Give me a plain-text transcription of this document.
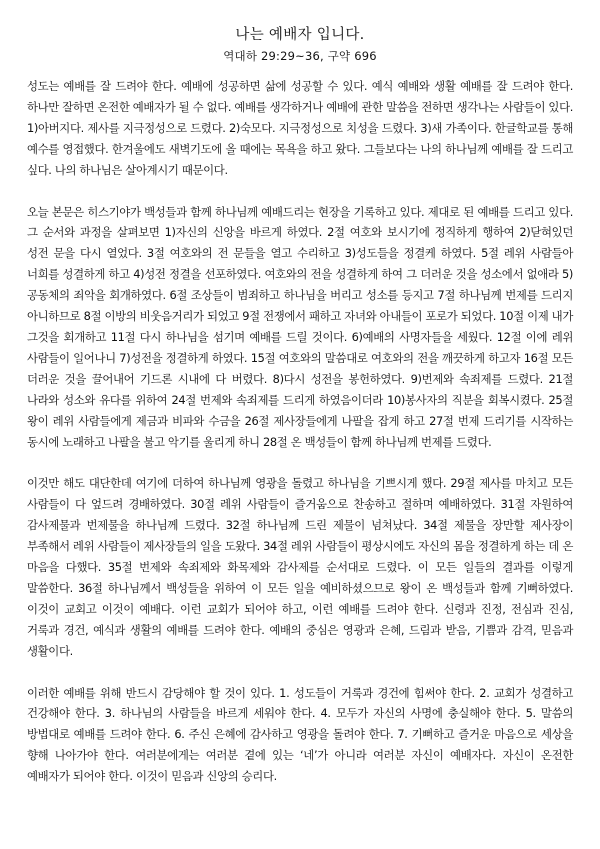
나는 예배자 입니다.
역대하 29:29~36, 구약 696

성도는 예배를 잘 드려야 한다. 예배에 성공하면 삶에 성공할 수 있다. 예식 예배와 생활 예배를 잘 드려야 한다. 하나만 잘하면 온전한 예배자가 될 수 없다. 예배를 생각하거나 예배에 관한 말씀을 전하면 생각나는 사람들이 있다. 1)아버지다. 제사를 지극정성으로 드렸다. 2)숙모다. 지극정성으로 치성을 드렸다. 3)새 가족이다. 한글학교를 통해 예수를 영접했다. 한겨울에도 새벽기도에 올 때에는 목욕을 하고 왔다. 그들보다는 나의 하나님께 예배를 잘 드리고 싶다. 나의 하나님은 살아계시기 때문이다.

오늘 본문은 히스기야가 백성들과 함께 하나님께 예배드리는 현장을 기록하고 있다. 제대로 된 예배를 드리고 있다. 그 순서와 과정을 살펴보면 1)자신의 신앙을 바르게 하였다. 2절 여호와 보시기에 정직하게 행하여 2)닫혀있던 성전 문을 다시 열었다. 3절 여호와의 전 문들을 열고 수리하고 3)성도들을 정결케 하였다. 5절 레위 사람들아 너희를 성결하게 하고 4)성전 정결을 선포하였다. 여호와의 전을 성결하게 하여 그 더러운 것을 성소에서 없애라 5)공동체의 죄악을 회개하였다. 6절 조상들이 범죄하고 하나님을 버리고 성소를 등지고 7절 하나님께 번제를 드리지 아니하므로 8절 이방의 비웃음거리가 되었고 9절 전쟁에서 패하고 자녀와 아내들이 포로가 되었다. 10절 이제 내가 그것을 회개하고 11절 다시 하나님을 섬기며 예배를 드릴 것이다. 6)예배의 사명자들을 세웠다. 12절 이에 레위 사람들이 일어나니 7)성전을 정결하게 하였다. 15절 여호와의 말씀대로 여호와의 전을 깨끗하게 하고자 16절 모든 더러운 것을 끌어내어 기드론 시내에 다 버렸다. 8)다시 성전을 봉헌하였다. 9)번제와 속죄제를 드렸다. 21절 나라와 성소와 유다를 위하여 24절 번제와 속죄제를 드리게 하였음이더라 10)봉사자의 직분을 회복시켰다. 25절 왕이 레위 사람들에게 제금과 비파와 수금을 26절 제사장들에게 나팔을 잡게 하고 27절 번제 드리기를 시작하는 동시에 노래하고 나팔을 불고 악기를 울리게 하니 28절 온 백성들이 함께 하나님께 번제를 드렸다.

이것만 해도 대단한데 여기에 더하여 하나님께 영광을 돌렸고 하나님을 기쁘시게 했다. 29절 제사를 마치고 모든 사람들이 다 엎드려 경배하였다. 30절 레위 사람들이 즐거움으로 찬송하고 절하며 예배하였다. 31절 자원하여 감사제물과 번제물을 하나님께 드렸다. 32절 하나님께 드린 제물이 넘쳐났다. 34절 제물을 장만할 제사장이 부족해서 레위 사람들이 제사장들의 일을 도왔다. 34절 레위 사람들이 평상시에도 자신의 몸을 정결하게 하는 데 온 마음을 다했다. 35절 번제와 속죄제와 화목제와 감사제를 순서대로 드렸다. 이 모든 일들의 결과를 이렇게 말씀한다. 36절 하나님께서 백성들을 위하여 이 모든 일을 예비하셨으므로 왕이 온 백성들과 함께 기뻐하였다. 이것이 교회고 이것이 예배다. 이런 교회가 되어야 하고, 이런 예배를 드려야 한다. 신령과 진정, 전심과 진심, 거룩과 경건, 예식과 생활의 예배를 드려야 한다. 예배의 중심은 영광과 은혜, 드림과 받음, 기쁨과 감격, 믿음과 생활이다.

이러한 예배를 위해 반드시 감당해야 할 것이 있다. 1. 성도들이 거룩과 경건에 힘써야 한다. 2. 교회가 성결하고 건강해야 한다. 3. 하나님의 사람들을 바르게 세워야 한다. 4. 모두가 자신의 사명에 충실해야 한다. 5. 말씀의 방법대로 예배를 드려야 한다. 6. 주신 은혜에 감사하고 영광을 돌려야 한다. 7. 기뻐하고 즐거운 마음으로 세상을 향해 나아가야 한다. 여러분에게는 여러분 곁에 있는 ‘네’가 아니라 여러분 자신이 예배자다. 자신이 온전한 예배자가 되어야 한다. 이것이 믿음과 신앙의 승리다.
